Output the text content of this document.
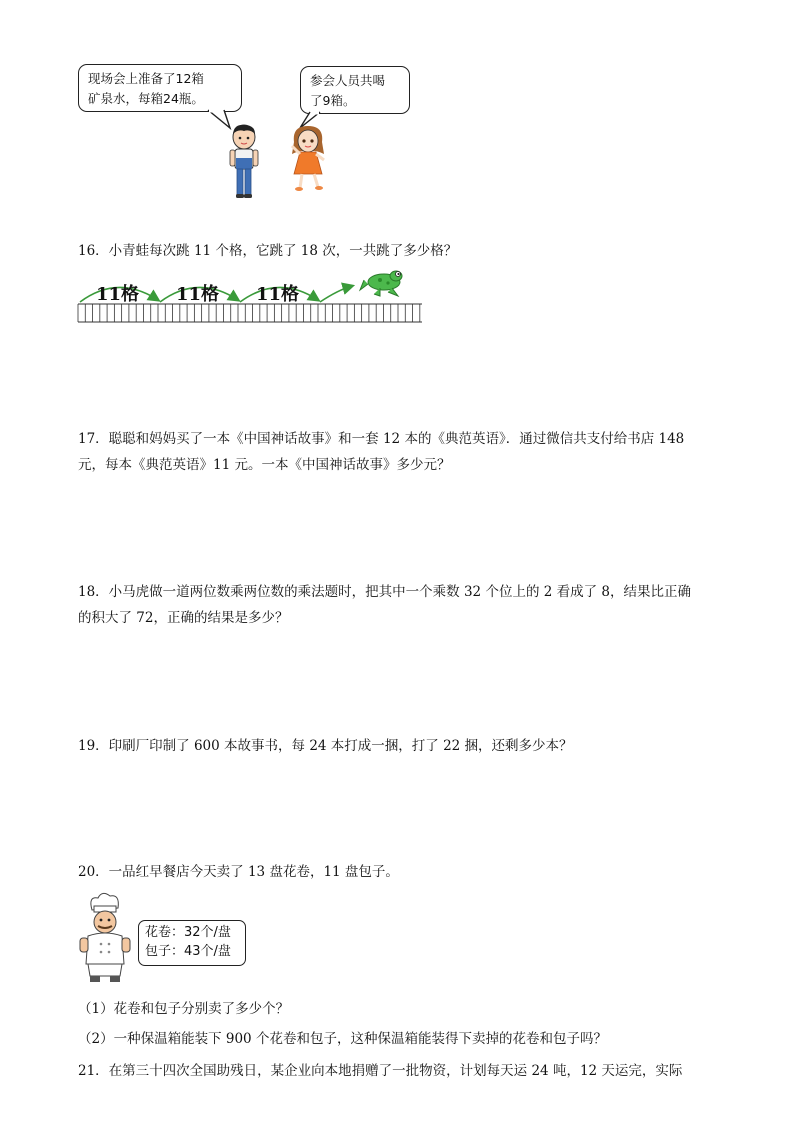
现场会上准备了12箱
矿泉水，每箱24瓶。
参会人员共喝
了9箱。
16．小青蛙每次跳 11 个格，它跳了 18 次，一共跳了多少格？
11格 11格 11格
17．聪聪和妈妈买了一本《中国神话故事》和一套 12 本的《典范英语》．通过微信共支付给书店 148
元，每本《典范英语》11 元。一本《中国神话故事》多少元？
18．小马虎做一道两位数乘两位数的乘法题时，把其中一个乘数 32 个位上的 2 看成了 8，结果比正确
的积大了 72，正确的结果是多少？
19．印刷厂印制了 600 本故事书，每 24 本打成一捆，打了 22 捆，还剩多少本？
20．一品红早餐店今天卖了 13 盘花卷，11 盘包子。
花卷：32个/盘
包子：43个/盘
（1）花卷和包子分别卖了多少个？
（2）一种保温箱能装下 900 个花卷和包子，这种保温箱能装得下卖掉的花卷和包子吗？
21．在第三十四次全国助残日，某企业向本地捐赠了一批物资，计划每天运 24 吨，12 天运完，实际
